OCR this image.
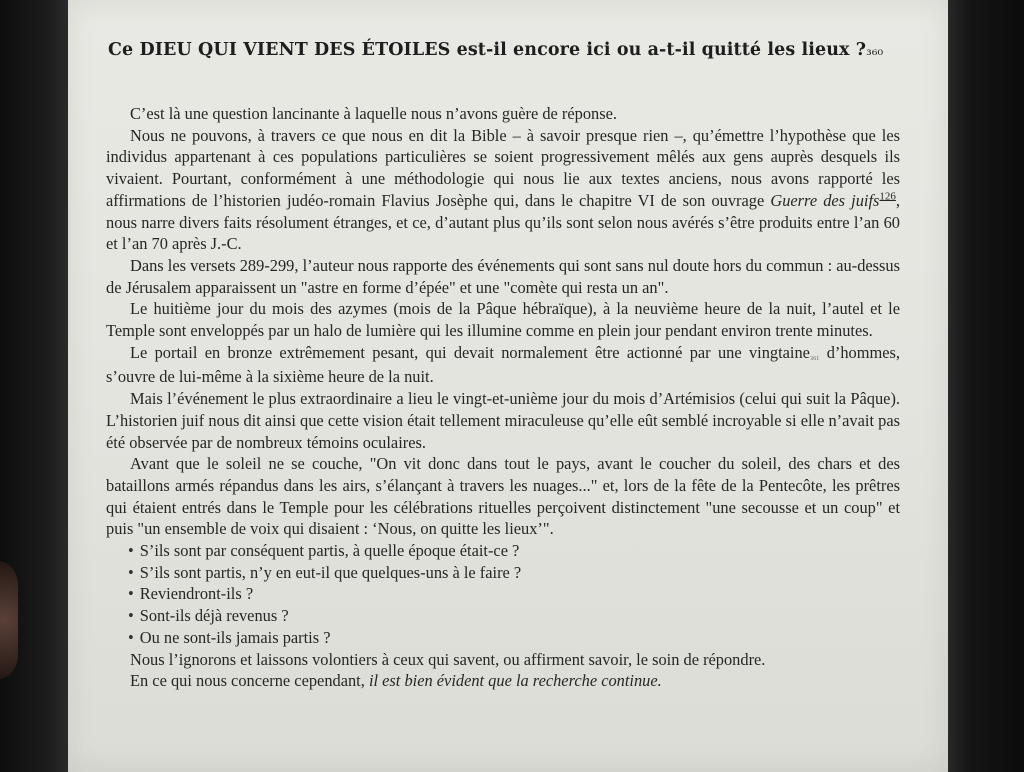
Ce DIEU QUI VIENT DES ÉTOILES est-il encore ici ou a-t-il quitté les lieux ?₃₆₀

C’est là une question lancinante à laquelle nous n’avons guère de réponse.

Nous ne pouvons, à travers ce que nous en dit la Bible – à savoir presque rien –, qu’émettre l’hypothèse que les individus appartenant à ces populations particulières se soient progressivement mêlés aux gens auprès desquels ils vivaient. Pourtant, conformément à une méthodologie qui nous lie aux textes anciens, nous avons rapporté les affirmations de l’historien judéo-romain Flavius Josèphe qui, dans le chapitre VI de son ouvrage Guerre des juifs$^{126}$, nous narre divers faits résolument étranges, et ce, d’autant plus qu’ils sont selon nous avérés s’être produits entre l’an 60 et l’an 70 après J.-C.

Dans les versets 289-299, l’auteur nous rapporte des événements qui sont sans nul doute hors du commun : au-dessus de Jérusalem apparaissent un "astre en forme d’épée" et une "comète qui resta un an".

Le huitième jour du mois des azymes (mois de la Pâque hébraïque), à la neuvième heure de la nuit, l’autel et le Temple sont enveloppés par un halo de lumière qui les illumine comme en plein jour pendant environ trente minutes.

Le portail en bronze extrêmement pesant, qui devait normalement être actionné par une vingtaine₃₆₁ d’hommes, s’ouvre de lui-même à la sixième heure de la nuit.

Mais l’événement le plus extraordinaire a lieu le vingt-et-unième jour du mois d’Artémisios (celui qui suit la Pâque). L’historien juif nous dit ainsi que cette vision était tellement miraculeuse qu’elle eût semblé incroyable si elle n’avait pas été observée par de nombreux témoins oculaires.

Avant que le soleil ne se couche, "On vit donc dans tout le pays, avant le coucher du soleil, des chars et des bataillons armés répandus dans les airs, s’élançant à travers les nuages..." et, lors de la fête de la Pentecôte, les prêtres qui étaient entrés dans le Temple pour les célébrations rituelles perçoivent distinctement "une secousse et un coup" et puis "un ensemble de voix qui disaient : ‘Nous, on quitte les lieux’".

• S’ils sont par conséquent partis, à quelle époque était-ce ?
• S’ils sont partis, n’y en eut-il que quelques-uns à le faire ?
• Reviendront-ils ?
• Sont-ils déjà revenus ?
• Ou ne sont-ils jamais partis ?

Nous l’ignorons et laissons volontiers à ceux qui savent, ou affirment savoir, le soin de répondre.

En ce qui nous concerne cependant, il est bien évident que la recherche continue.
